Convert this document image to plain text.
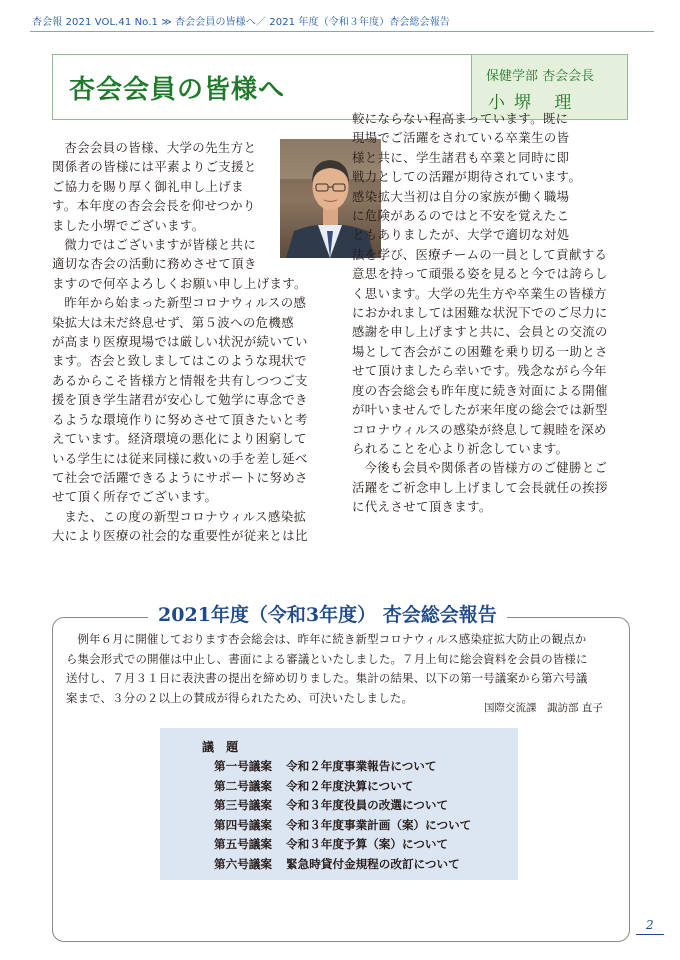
杏会報 2021 VOL.41 No.1 ≫ 杏会会員の皆様へ／ 2021 年度（令和３年度）杏会総会報告
杏会会員の皆様へ	保健学部 杏会会長
小堺 理

杏会会員の皆様、大学の先生方と
関係者の皆様には平素よりご支援と
ご協力を賜り厚く御礼申し上げま
す。本年度の杏会会長を仰せつかり
ました小堺でございます。

微力ではございますが皆様と共に
適切な杏会の活動に務めさせて頂き
ますので何卒よろしくお願い申し上げます。

昨年から始まった新型コロナウィルスの感
染拡大は未だ終息せず、第５波への危機感
が高まり医療現場では厳しい状況が続いてい
ます。杏会と致しましてはこのような現状で
あるからこそ皆様方と情報を共有しつつご支
援を頂き学生諸君が安心して勉学に専念でき
るような環境作りに努めさせて頂きたいと考
えています。経済環境の悪化により困窮して
いる学生には従来同様に救いの手を差し延べ
て社会で活躍できるようにサポートに努めさ
せて頂く所存でございます。

また、この度の新型コロナウィルス感染拡
大により医療の社会的な重要性が従来とは比

較にならない程高まっています。既に
現場でご活躍をされている卒業生の皆
様と共に、学生諸君も卒業と同時に即
戦力としての活躍が期待されています。
感染拡大当初は自分の家族が働く職場
に危険があるのではと不安を覚えたこ
ともありましたが、大学で適切な対処
法を学び、医療チームの一員として貢献する
意思を持って頑張る姿を見ると今では誇らし
く思います。大学の先生方や卒業生の皆様方
におかれましては困難な状況下でのご尽力に
感謝を申し上げますと共に、会員との交流の
場として杏会がこの困難を乗り切る一助とさ
せて頂けましたら幸いです。残念ながら今年
度の杏会総会も昨年度に続き対面による開催
が叶いませんでしたが来年度の総会では新型
コロナウィルスの感染が終息して親睦を深め
られることを心より祈念しています。

今後も会員や関係者の皆様方のご健勝とご
活躍をご祈念申し上げまして会長就任の挨拶
に代えさせて頂きます。

2021年度（令和3年度） 杏会総会報告

例年６月に開催しております杏会総会は、昨年に続き新型コロナウィルス感染症拡大防止の観点か
ら集会形式での開催は中止し、書面による審議といたしました。７月上旬に総会資料を会員の皆様に
送付し、７月３１日に表決書の提出を締め切りました。集計の結果、以下の第一号議案から第六号議
案まで、３分の２以上の賛成が得られたため、可決いたしました。

国際交流課　諏訪部 直子
議 題
第一号議案 令和２年度事業報告について
第二号議案 令和２年度決算について
第三号議案 令和３年度役員の改選について
第四号議案 令和３年度事業計画（案）について
第五号議案 令和３年度予算（案）について
第六号議案 緊急時貸付金規程の改訂について
2
